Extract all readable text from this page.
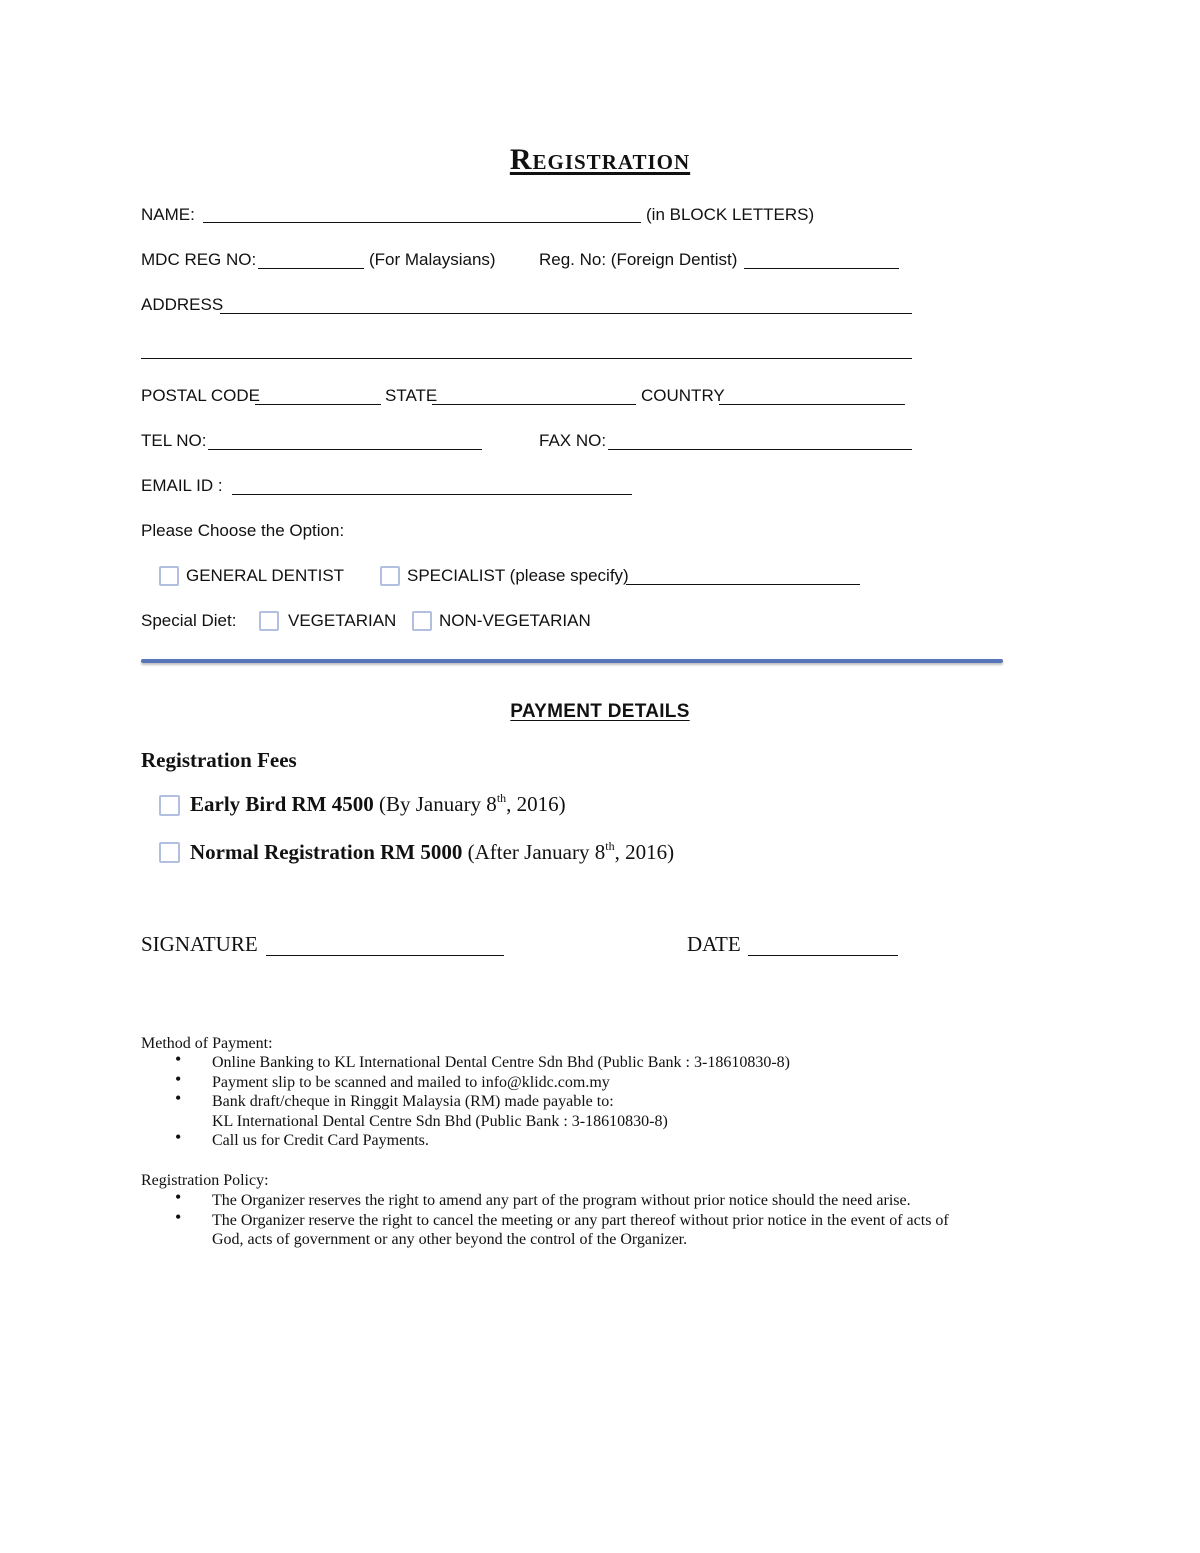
Registration
NAME:	(in BLOCK LETTERS)
MDC REG NO:	(For Malaysians)	Reg. No: (Foreign Dentist)
ADDRESS
POSTAL CODE	STATE	COUNTRY
TEL NO:	FAX NO:
EMAIL ID :
Please Choose the Option:
GENERAL DENTIST	SPECIALIST (please specify)
Special Diet:	VEGETARIAN	NON-VEGETARIAN
PAYMENT DETAILS
Registration Fees
Early Bird RM 4500 (By January 8th, 2016)
Normal Registration RM 5000 (After January 8th, 2016)
SIGNATURE	DATE
Method of Payment:
• Online Banking to KL International Dental Centre Sdn Bhd (Public Bank : 3-18610830-8)
• Payment slip to be scanned and mailed to info@klidc.com.my
• Bank draft/cheque in Ringgit Malaysia (RM) made payable to:
KL International Dental Centre Sdn Bhd (Public Bank : 3-18610830-8)
• Call us for Credit Card Payments.
Registration Policy:
• The Organizer reserves the right to amend any part of the program without prior notice should the need arise.
• The Organizer reserve the right to cancel the meeting or any part thereof without prior notice in the event of acts of
God, acts of government or any other beyond the control of the Organizer.
